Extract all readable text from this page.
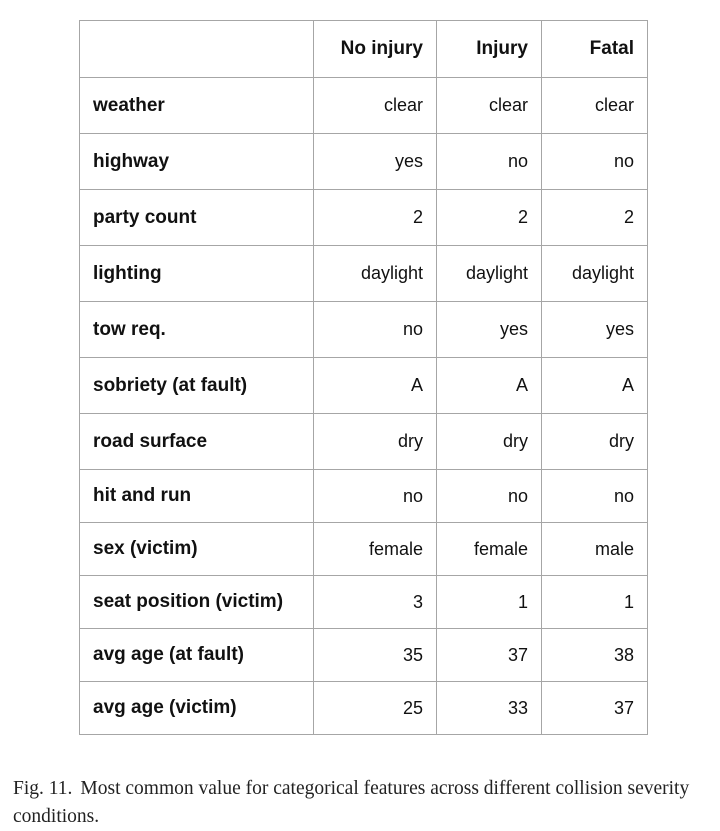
	No injury	Injury	Fatal
weather	clear	clear	clear
highway	yes	no	no
party count	2	2	2
lighting	daylight	daylight	daylight
tow req.	no	yes	yes
sobriety (at fault)	A	A	A
road surface	dry	dry	dry
hit and run	no	no	no
sex (victim)	female	female	male
seat position (victim)	3	1	1
avg age (at fault)	35	37	38
avg age (victim)	25	33	37

Fig. 11. Most common value for categorical features across different collision severity conditions.
